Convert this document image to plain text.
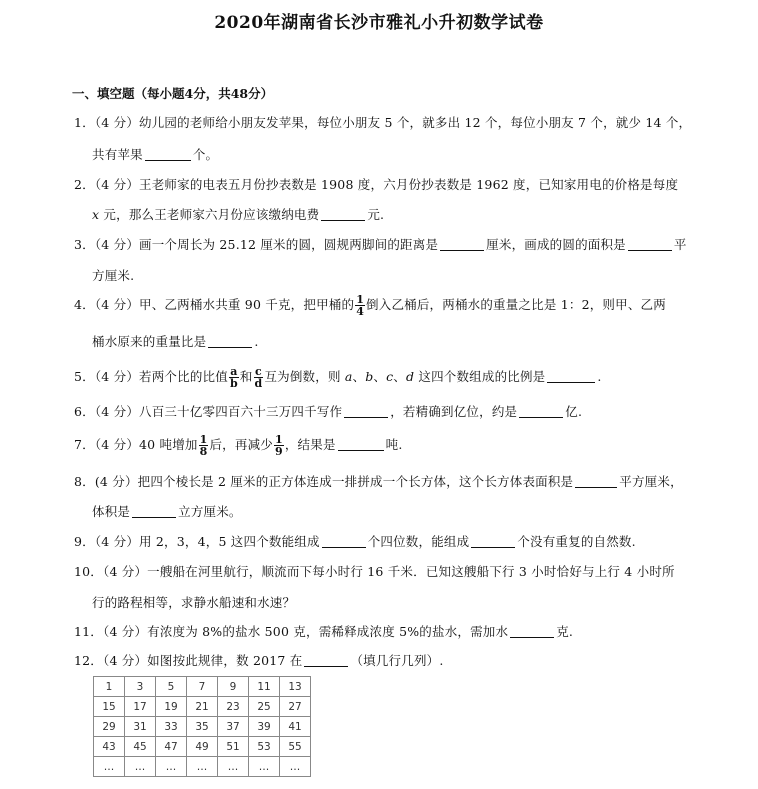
2020年湖南省长沙市雅礼小升初数学试卷
一、填空题（每小题4分，共48分）
1．（4 分）幼儿园的老师给小朋友发苹果，每位小朋友 5 个，就多出 12 个，每位小朋友 7 个，就少 14 个，
共有苹果	个。
2．（4 分）王老师家的电表五月份抄表数是 1908 度，六月份抄表数是 1962 度，已知家用电的价格是每度
x 元，那么王老师家六月份应该缴纳电费	元.
3．（4 分）画一个周长为 25.12 厘米的圆，圆规两脚间的距离是	厘米，画成的圆的面积是	平
方厘米.
4．（4 分）甲、乙两桶水共重 90 千克，把甲桶的 $\frac{1}{4}$ 倒入乙桶后，两桶水的重量之比是 1：2，则甲、乙两
桶水原来的重量比是	.
5．（4 分）若两个比的比值 $\frac{a}{b}$ 和 $\frac{c}{d}$ 互为倒数，则 a、b、c、d 这四个数组成的比例是	.
6．（4 分）八百三十亿零四百六十三万四千写作	，若精确到亿位，约是	亿.
7．（4 分）40 吨增加 $\frac{1}{8}$ 后，再减少 $\frac{1}{9}$ ，结果是	吨.
8．(4 分）把四个棱长是 2 厘米的正方体连成一排拼成一个长方体，这个长方体表面积是	平方厘米，
体积是	立方厘米。
9．（4 分）用 2，3，4，5 这四个数能组成	个四位数，能组成	个没有重复的自然数.
10．（4 分）一艘船在河里航行，顺流而下每小时行 16 千米．已知这艘船下行 3 小时恰好与上行 4 小时所
行的路程相等，求静水船速和水速？
11．（4 分）有浓度为 8%的盐水 500 克，需稀释成浓度 5%的盐水，需加水	克.
12．（4 分）如图按此规律，数 2017 在	（填几行几列）.
1	3	5	7	9	11	13
15	17	19	21	23	25	27
29	31	33	35	37	39	41
43	45	47	49	51	53	55
…	…	…	…	…	…	…
